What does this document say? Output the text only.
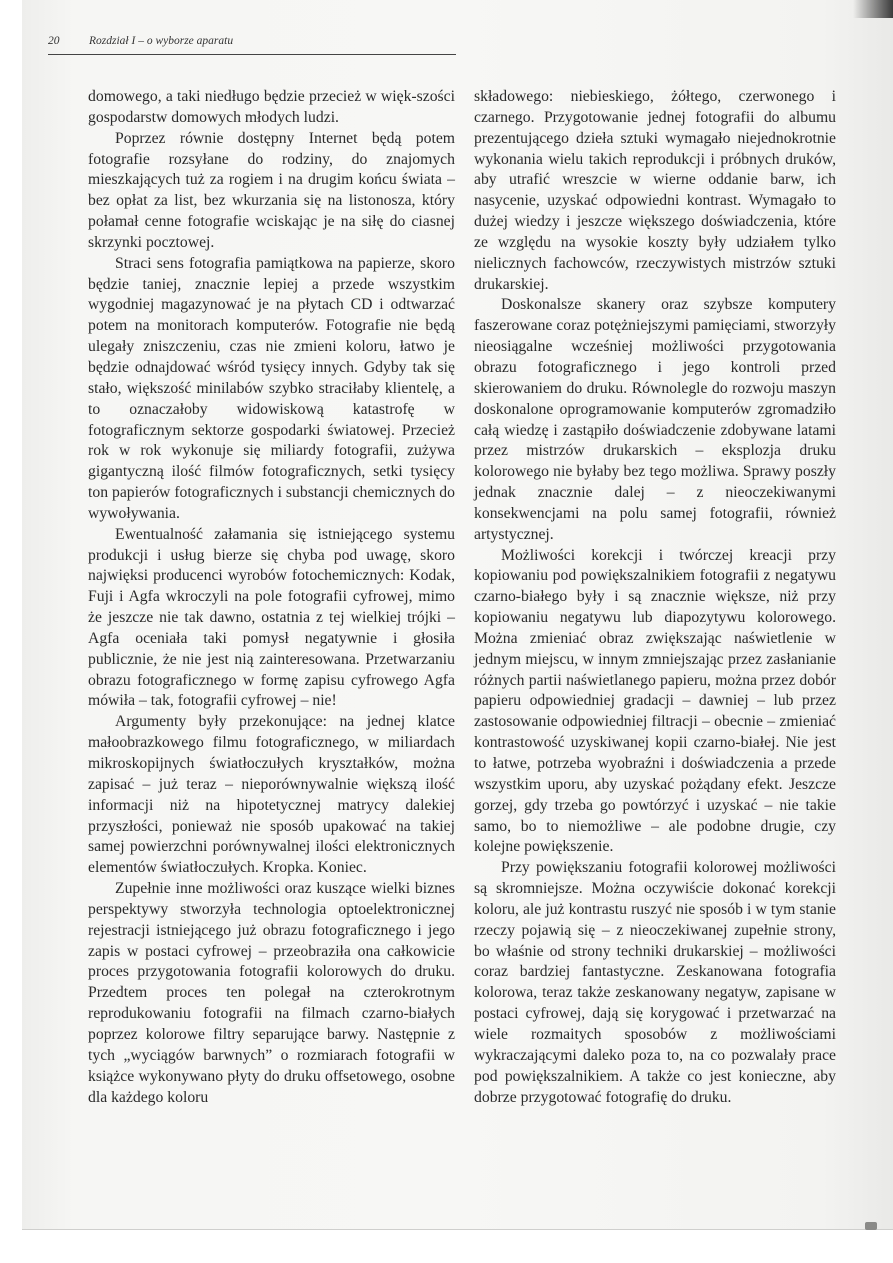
20	Rozdział I – o wyborze aparatu

domowego, a taki niedługo będzie przecież w więk-szości gospodarstw domowych młodych ludzi.

Poprzez równie dostępny Internet będą potem fotografie rozsyłane do rodziny, do znajomych mieszkających tuż za rogiem i na drugim końcu świata – bez opłat za list, bez wkurzania się na listonosza, który połamał cenne fotografie wciskając je na siłę do ciasnej skrzynki pocztowej.

Straci sens fotografia pamiątkowa na papierze, skoro będzie taniej, znacznie lepiej a przede wszystkim wygodniej magazynować je na płytach CD i odtwarzać potem na monitorach komputerów. Fotografie nie będą ulegały zniszczeniu, czas nie zmieni koloru, łatwo je będzie odnajdować wśród tysięcy innych. Gdyby tak się stało, większość minilabów szybko straciłaby klientelę, a to oznaczałoby widowiskową katastrofę w fotograficznym sektorze gospodarki światowej. Przecież rok w rok wykonuje się miliardy fotografii, zużywa gigantyczną ilość filmów fotograficznych, setki tysięcy ton papierów fotograficznych i substancji chemicznych do wywoływania.

Ewentualność załamania się istniejącego systemu produkcji i usług bierze się chyba pod uwagę, skoro najwięksi producenci wyrobów fotochemicznych: Kodak, Fuji i Agfa wkroczyli na pole fotografii cyfrowej, mimo że jeszcze nie tak dawno, ostatnia z tej wielkiej trójki – Agfa oceniała taki pomysł negatywnie i głosiła publicznie, że nie jest nią zainteresowana. Przetwarzaniu obrazu fotograficznego w formę zapisu cyfrowego Agfa mówiła – tak, fotografii cyfrowej – nie!

Argumenty były przekonujące: na jednej klatce małoobrazkowego filmu fotograficznego, w miliardach mikroskopijnych światłoczułych kryształków, można zapisać – już teraz – nieporównywalnie większą ilość informacji niż na hipotetycznej matrycy dalekiej przyszłości, ponieważ nie sposób upakować na takiej samej powierzchni porównywalnej ilości elektronicznych elementów światłoczułych. Kropka. Koniec.

Zupełnie inne możliwości oraz kuszące wielki biznes perspektywy stworzyła technologia optoelektronicznej rejestracji istniejącego już obrazu fotograficznego i jego zapis w postaci cyfrowej – przeobraziła ona całkowicie proces przygotowania fotografii kolorowych do druku. Przedtem proces ten polegał na czterokrotnym reprodukowaniu fotografii na filmach czarno-białych poprzez kolorowe filtry separujące barwy. Następnie z tych „wyciągów barwnych” o rozmiarach fotografii w książce wykonywano płyty do druku offsetowego, osobne dla każdego koloru

składowego: niebieskiego, żółtego, czerwonego i czarnego. Przygotowanie jednej fotografii do albumu prezentującego dzieła sztuki wymagało niejednokrotnie wykonania wielu takich reprodukcji i próbnych druków, aby utrafić wreszcie w wierne oddanie barw, ich nasycenie, uzyskać odpowiedni kontrast. Wymagało to dużej wiedzy i jeszcze większego doświadczenia, które ze względu na wysokie koszty były udziałem tylko nielicznych fachowców, rzeczywistych mistrzów sztuki drukarskiej.

Doskonalsze skanery oraz szybsze komputery faszerowane coraz potężniejszymi pamięciami, stworzyły nieosiągalne wcześniej możliwości przygotowania obrazu fotograficznego i jego kontroli przed skierowaniem do druku. Równolegle do rozwoju maszyn doskonalone oprogramowanie komputerów zgromadziło całą wiedzę i zastąpiło doświadczenie zdobywane latami przez mistrzów drukarskich – eksplozja druku kolorowego nie byłaby bez tego możliwa. Sprawy poszły jednak znacznie dalej – z nieoczekiwanymi konsekwencjami na polu samej fotografii, również artystycznej.

Możliwości korekcji i twórczej kreacji przy kopiowaniu pod powiększalnikiem fotografii z negatywu czarno-białego były i są znacznie większe, niż przy kopiowaniu negatywu lub diapozytywu kolorowego. Można zmieniać obraz zwiększając naświetlenie w jednym miejscu, w innym zmniejszając przez zasłanianie różnych partii naświetlanego papieru, można przez dobór papieru odpowiedniej gradacji – dawniej – lub przez zastosowanie odpowiedniej filtracji – obecnie – zmieniać kontrastowość uzyskiwanej kopii czarno-białej. Nie jest to łatwe, potrzeba wyobraźni i doświadczenia a przede wszystkim uporu, aby uzyskać pożądany efekt. Jeszcze gorzej, gdy trzeba go powtórzyć i uzyskać – nie takie samo, bo to niemożliwe – ale podobne drugie, czy kolejne powiększenie.

Przy powiększaniu fotografii kolorowej możliwości są skromniejsze. Można oczywiście dokonać korekcji koloru, ale już kontrastu ruszyć nie sposób i w tym stanie rzeczy pojawią się – z nieoczekiwanej zupełnie strony, bo właśnie od strony techniki drukarskiej – możliwości coraz bardziej fantastyczne. Zeskanowana fotografia kolorowa, teraz także zeskanowany negatyw, zapisane w postaci cyfrowej, dają się korygować i przetwarzać na wiele rozmaitych sposobów z możliwościami wykraczającymi daleko poza to, na co pozwalały prace pod powiększalnikiem. A także co jest konieczne, aby dobrze przygotować fotografię do druku.
